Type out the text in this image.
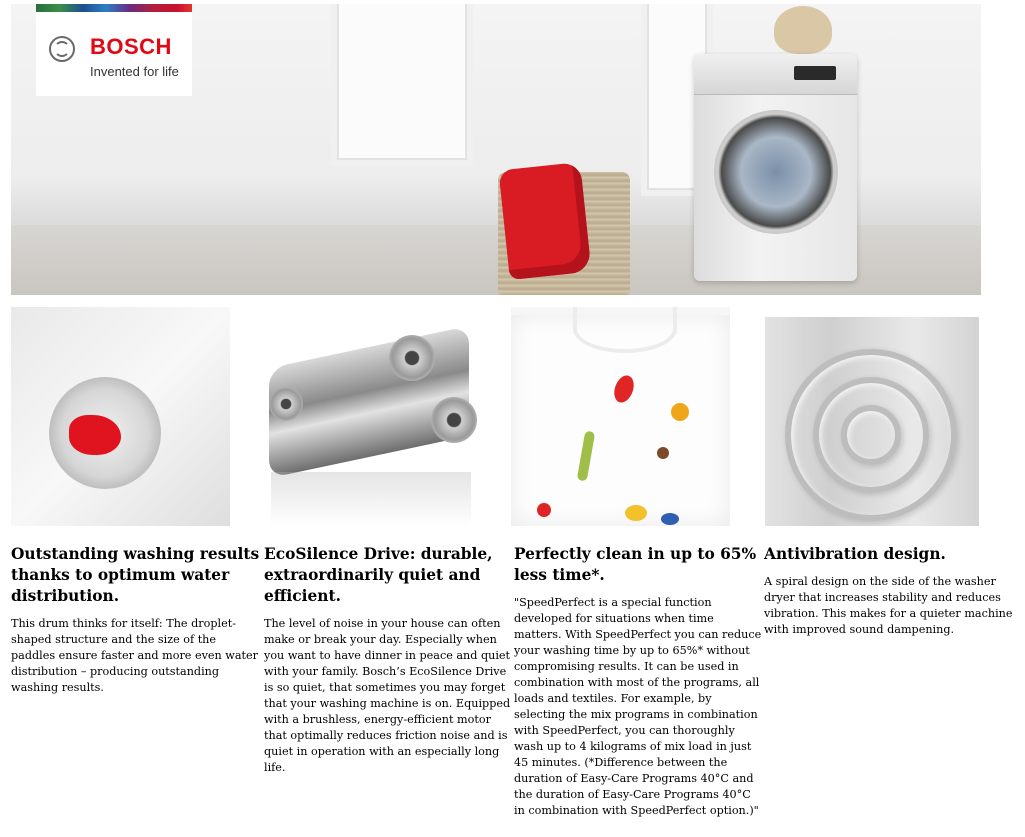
BOSCH
Invented for life
Outstanding washing results thanks to optimum water distribution.

This drum thinks for itself: The droplet-shaped structure and the size of the paddles ensure faster and more even water distribution – producing outstanding washing results.

EcoSilence Drive: durable, extraordinarily quiet and efficient.

The level of noise in your house can often make or break your day. Especially when you want to have dinner in peace and quiet with your family. Bosch’s EcoSilence Drive is so quiet, that sometimes you may forget that your washing machine is on. Equipped with a brushless, energy-efficient motor that optimally reduces friction noise and is quiet in operation with an especially long life.

Perfectly clean in up to 65% less time*.

"SpeedPerfect is a special function developed for situations when time matters. With SpeedPerfect you can reduce your washing time by up to 65%* without compromising results. It can be used in combination with most of the programs, all loads and textiles. For example, by selecting the mix programs in combination with SpeedPerfect, you can thoroughly wash up to 4 kilograms of mix load in just 45 minutes. (*Difference between the duration of Easy-Care Programs 40°C and the duration of Easy-Care Programs 40°C in combination with SpeedPerfect option.)"

Antivibration design.

A spiral design on the side of the washer dryer that increases stability and reduces vibration. This makes for a quieter machine with improved sound dampening.
